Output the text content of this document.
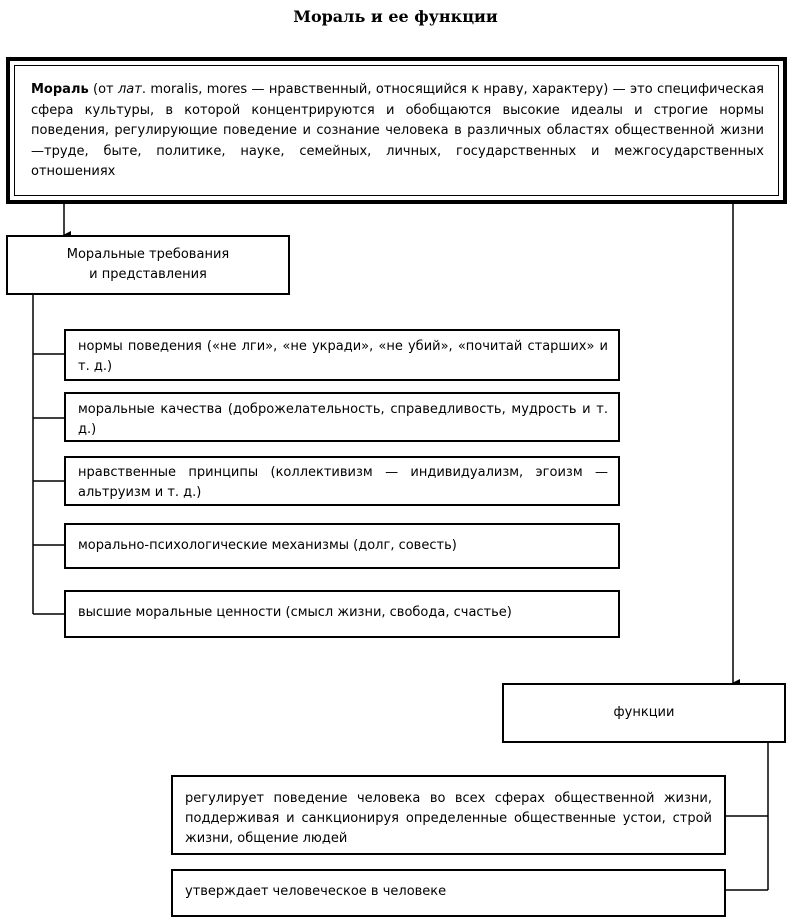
Мораль и ее функции
Мораль (от лат. moralis, mores — нравственный, относящийся к нраву, характеру) — это специфическая сфера культуры, в которой концентрируются и обобщаются высокие идеалы и строгие нормы поведения, регулирующие поведение и сознание человека в различных областях общественной жизни —труде, быте, политике, науке, семейных, личных, государственных и межгосударственных отношениях
Моральные требования
и представления
нормы поведения («не лги», «не укради», «не убий», «почитай старших» и т. д.)
моральные качества (доброжелательность, справедливость, мудрость и т. д.)
нравственные принципы (коллективизм — индивидуализм, эгоизм — альтруизм и т. д.)
морально-психологические механизмы (долг, совесть)
высшие моральные ценности (смысл жизни, свобода, счастье)
функции
регулирует поведение человека во всех сферах общественной жизни, поддерживая и санкционируя определенные общественные устои, строй жизни, общение людей
утверждает человеческое в человеке
